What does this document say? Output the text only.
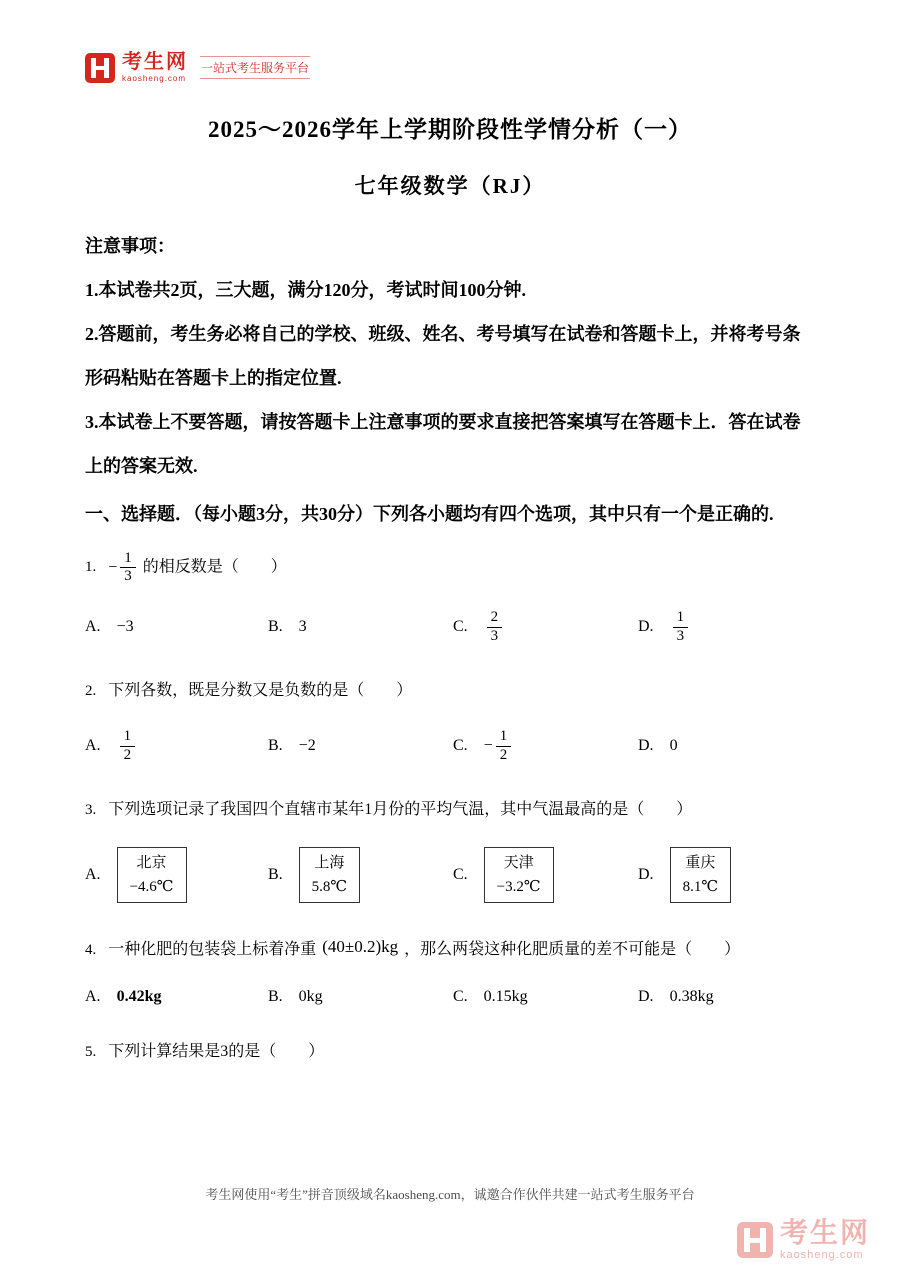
考生网
kaosheng.com
一站式考生服务平台
2025～2026学年上学期阶段性学情分析（一）
七年级数学（RJ）

注意事项：

1.本试卷共2页，三大题，满分120分，考试时间100分钟.

2.答题前，考生务必将自己的学校、班级、姓名、考号填写在试卷和答题卡上，并将考号条形码粘贴在答题卡上的指定位置.

3.本试卷上不要答题，请按答题卡上注意事项的要求直接把答案填写在答题卡上．答在试卷上的答案无效.

一、选择题．（每小题3分，共30分）下列各小题均有四个选项，其中只有一个是正确的.

1. − $\frac{1}{3}$ 的相反数是（　　）

A. −3	B. 3	C. $\frac{2}{3}$	D. $\frac{1}{3}$

2. 下列各数，既是分数又是负数的是（　　）

A. $\frac{1}{2}$	B. −2	C. − $\frac{1}{2}$	D. 0

3. 下列选项记录了我国四个直辖市某年1月份的平均气温，其中气温最高的是（　　）

A.
北京
−4.6℃
B.
上海
5.8℃
C.
天津
−3.2℃
D.
重庆
8.1℃

4. 一种化肥的包装袋上标着净重 (40±0.2)kg ，那么两袋这种化肥质量的差不可能是（　　）

A. 0.42kg	B. 0kg	C. 0.15kg	D. 0.38kg

5. 下列计算结果是3的是（　　）

考生网使用“考生”拼音顶级域名kaosheng.com，诚邀合作伙伴共建一站式考生服务平台

考生网
kaosheng.com
